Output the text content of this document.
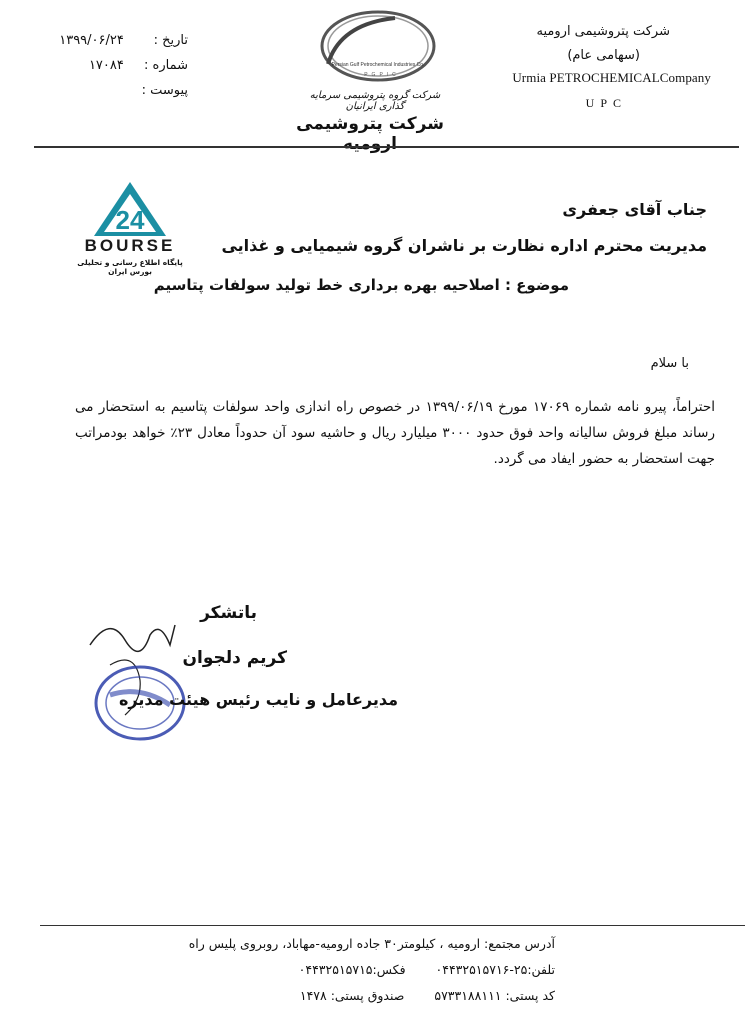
شرکت پتروشیمی ارومیه
(سهامی عام)
Urmia PETROCHEMICALCompany
UPC
Persian Gulf Petrochemical Industries Co.
PGPIC
شرکت گروه پتروشیمی سرمایه گذاری ایرانیان
شرکت پتروشیمی ارومیه
تاریخ : ۱۳۹۹/۰۶/۲۴
شماره : ۱۷۰۸۴
پیوست :
24
BOURSE
پایگاه اطلاع رسانی و تحلیلی بورس ایران
جناب آقای جعفری
مدیریت محترم اداره نظارت بر ناشران گروه شیمیایی و غذایی
موضوع : اصلاحیه بهره برداری خط تولید سولفات پتاسیم
با سلام
احتراماً، پیرو نامه شماره ۱۷۰۶۹ مورخ ۱۳۹۹/۰۶/۱۹ در خصوص راه اندازی واحد سولفات پتاسیم به استحضار می رساند مبلغ فروش سالیانه واحد فوق حدود ۳۰۰۰ میلیارد ریال و حاشیه سود آن حدوداً معادل ۲۳٪ خواهد بودمراتب جهت استحضار به حضور ایفاد می گردد.
باتشکر
کریم دلجوان
مدیرعامل و نایب رئیس هیئت مدیره
آدرس مجتمع: ارومیه ، کیلومتر۳۰ جاده ارومیه-مهاباد، روبروی پلیس راه
تلفن:۲۵-۰۴۴۳۲۵۱۵۷۱۶  فکس:۰۴۴۳۲۵۱۵۷۱۵
کد پستی: ۵۷۳۳۱۸۸۱۱۱  صندوق پستی: ۱۴۷۸
